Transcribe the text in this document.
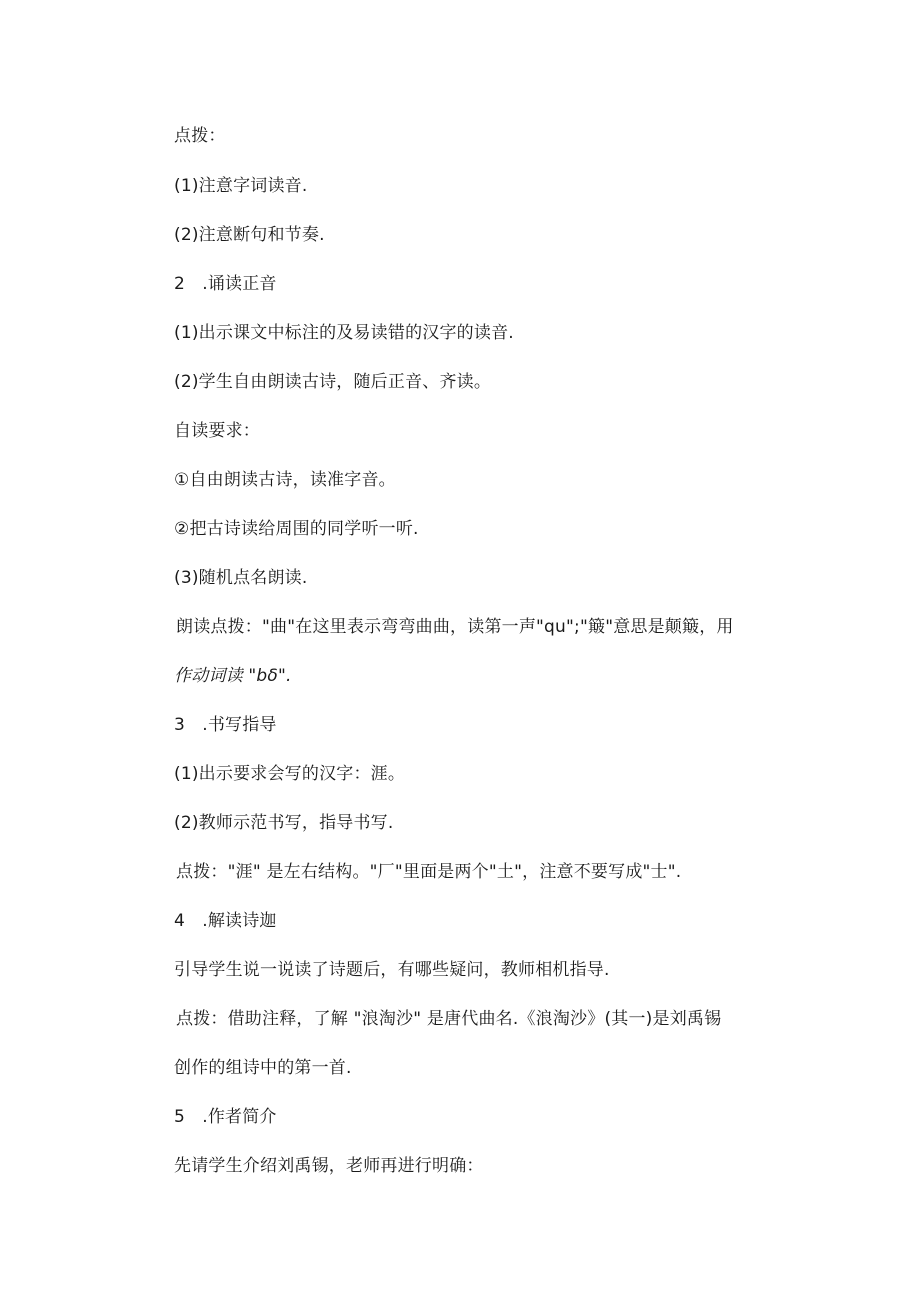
点拨：
(1)注意字词读音.
(2)注意断句和节奏.
2　.诵读正音
(1)出示课文中标注的及易读错的汉字的读音.
(2)学生自由朗读古诗，随后正音、齐读。
自读要求：
①自由朗读古诗，读准字音。
②把古诗读给周围的同学听一听.
(3)随机点名朗读.
朗读点拨："曲"在这里表示弯弯曲曲，读第一声"qu";"簸"意思是颠簸，用
作动词读 "bδ".
3　.书写指导
(1)出示要求会写的汉字：涯。
(2)教师示范书写，指导书写.
点拨："涯" 是左右结构。"厂"里面是两个"土"，注意不要写成"士".
4　.解读诗迦
引导学生说一说读了诗题后，有哪些疑问，教师相机指导.
点拨：借助注释，了解 "浪淘沙" 是唐代曲名.《浪淘沙》(其一)是刘禹锡
创作的组诗中的第一首.
5　.作者简介
先请学生介绍刘禹锡，老师再进行明确：
